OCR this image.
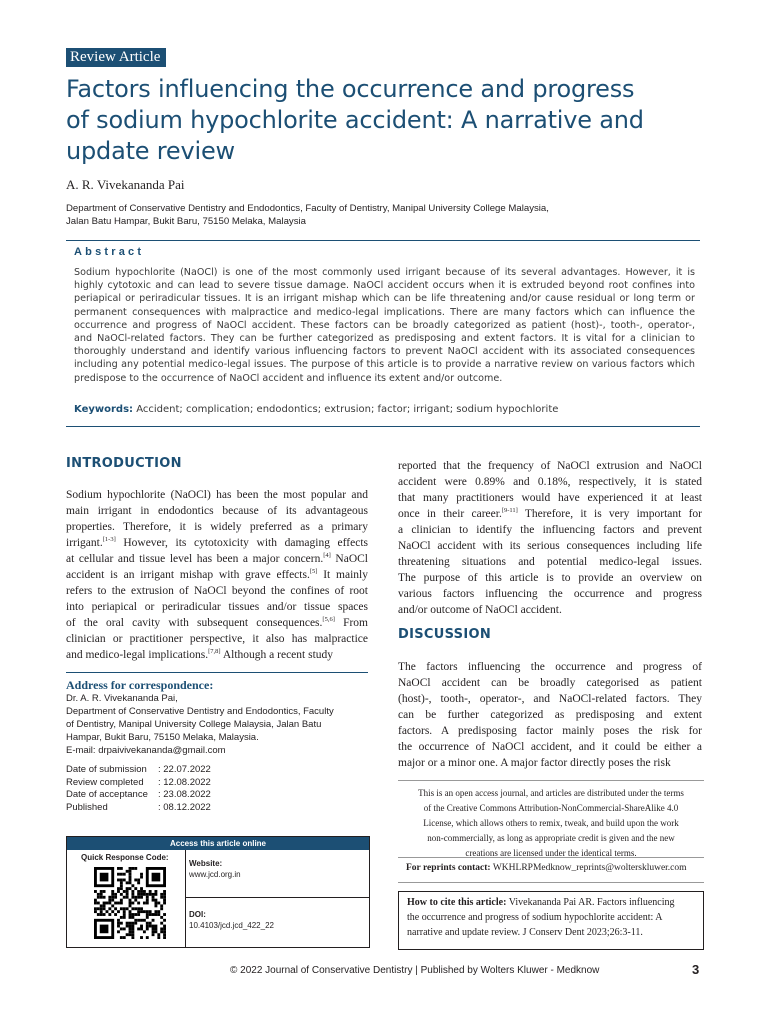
Review Article
Factors influencing the occurrence and progress
of sodium hypochlorite accident: A narrative and
update review
A. R. Vivekananda Pai
Department of Conservative Dentistry and Endodontics, Faculty of Dentistry, Manipal University College Malaysia,
Jalan Batu Hampar, Bukit Baru, 75150 Melaka, Malaysia
Abstract
Sodium hypochlorite (NaOCl) is one of the most commonly used irrigant because of its several advantages. However, it is
highly cytotoxic and can lead to severe tissue damage. NaOCl accident occurs when it is extruded beyond root confines into
periapical or periradicular tissues. It is an irrigant mishap which can be life threatening and/or cause residual or long term or
permanent consequences with malpractice and medico-legal implications. There are many factors which can influence the
occurrence and progress of NaOCl accident. These factors can be broadly categorized as patient (host)-, tooth-, operator-,
and NaOCl-related factors. They can be further categorized as predisposing and extent factors. It is vital for a clinician to
thoroughly understand and identify various influencing factors to prevent NaOCl accident with its associated consequences
including any potential medico-legal issues. The purpose of this article is to provide a narrative review on various factors which
predispose to the occurrence of NaOCl accident and influence its extent and/or outcome.
Keywords: Accident; complication; endodontics; extrusion; factor; irrigant; sodium hypochlorite
INTRODUCTION
Sodium hypochlorite (NaOCl) has been the most popular and
main irrigant in endodontics because of its advantageous
properties. Therefore, it is widely preferred as a primary
irrigant.[1-3] However, its cytotoxicity with damaging effects
at cellular and tissue level has been a major concern.[4] NaOCl
accident is an irrigant mishap with grave effects.[5] It mainly
refers to the extrusion of NaOCl beyond the confines of root
into periapical or periradicular tissues and/or tissue spaces
of the oral cavity with subsequent consequences.[5,6] From
clinician or practitioner perspective, it also has malpractice
and medico-legal implications.[7,8] Although a recent study
reported that the frequency of NaOCl extrusion and NaOCl
accident were 0.89% and 0.18%, respectively, it is stated
that many practitioners would have experienced it at least
once in their career.[9-11] Therefore, it is very important for
a clinician to identify the influencing factors and prevent
NaOCl accident with its serious consequences including life
threatening situations and potential medico-legal issues.
The purpose of this article is to provide an overview on
various factors influencing the occurrence and progress
and/or outcome of NaOCl accident.
DISCUSSION
The factors influencing the occurrence and progress of
NaOCl accident can be broadly categorised as patient
(host)-, tooth-, operator-, and NaOCl-related factors. They
can be further categorized as predisposing and extent
factors. A predisposing factor mainly poses the risk for
the occurrence of NaOCl accident, and it could be either a
major or a minor one. A major factor directly poses the risk
Address for correspondence:
Dr. A. R. Vivekananda Pai,
Department of Conservative Dentistry and Endodontics, Faculty
of Dentistry, Manipal University College Malaysia, Jalan Batu
Hampar, Bukit Baru, 75150 Melaka, Malaysia.
E-mail: drpaivivekananda@gmail.com
Date of submission	: 22.07.2022
Review completed	: 12.08.2022
Date of acceptance	: 23.08.2022
Published	: 08.12.2022
Access this article online
Quick Response Code:
Website:
www.jcd.org.in
DOI:
10.4103/jcd.jcd_422_22
This is an open access journal, and articles are distributed under the terms
of the Creative Commons Attribution-NonCommercial-ShareAlike 4.0
License, which allows others to remix, tweak, and build upon the work
non-commercially, as long as appropriate credit is given and the new
creations are licensed under the identical terms.
For reprints contact: WKHLRPMedknow_reprints@wolterskluwer.com
How to cite this article: Vivekananda Pai AR. Factors influencing
the occurrence and progress of sodium hypochlorite accident: A
narrative and update review. J Conserv Dent 2023;26:3-11.
© 2022 Journal of Conservative Dentistry | Published by Wolters Kluwer - Medknow	3
